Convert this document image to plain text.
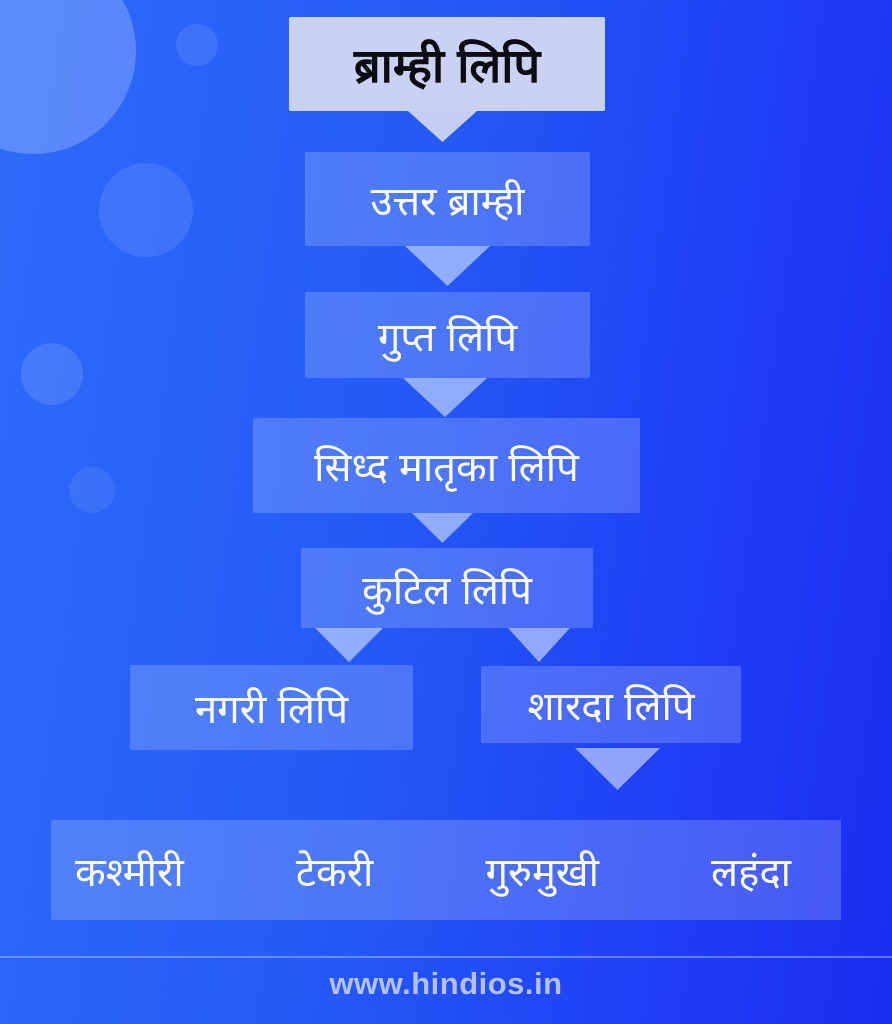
ब्राम्ही लिपि
उत्तर ब्राम्ही
गुप्त लिपि
सिध्द मातृका लिपि
कुटिल लिपि
नगरी लिपि	शारदा लिपि
कश्मीरी	टेकरी	गुरुमुखी	लहंदा
www.hindios.in
